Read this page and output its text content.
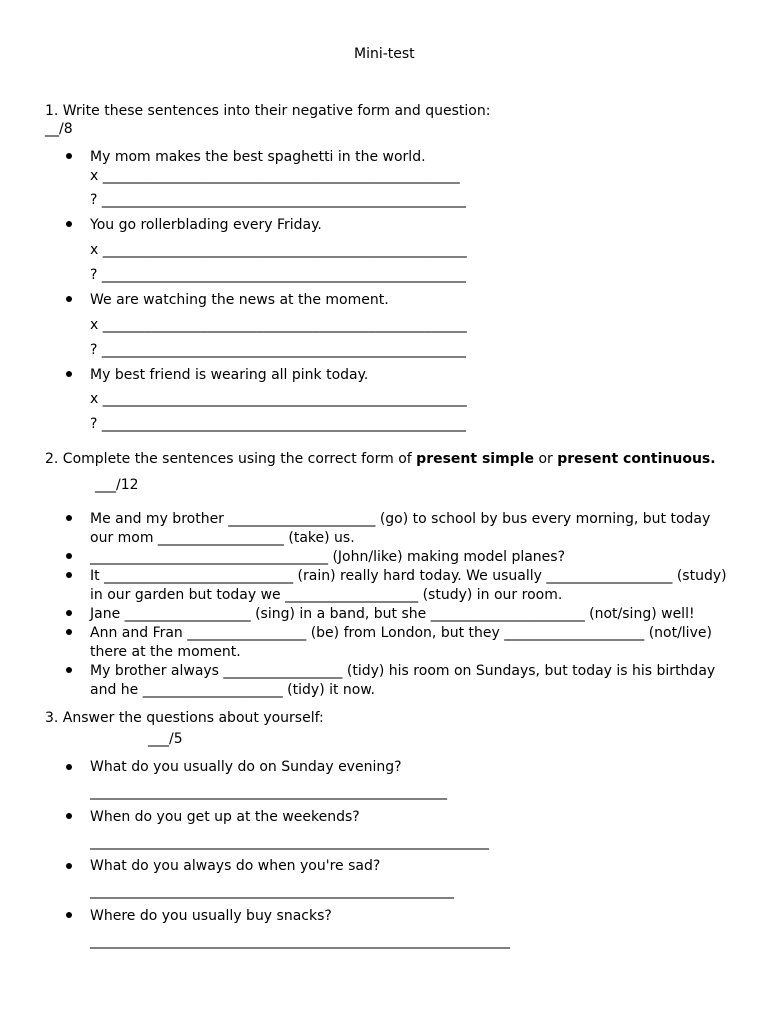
Mini-test
1. Write these sentences into their negative form and question:
__/8
My mom makes the best spaghetti in the world.
x ___________________________________________________
? ____________________________________________________
You go rollerblading every Friday.
x ____________________________________________________
? ____________________________________________________
We are watching the news at the moment.
x ____________________________________________________
? ____________________________________________________
My best friend is wearing all pink today.
x ____________________________________________________
? ____________________________________________________
2. Complete the sentences using the correct form of present simple or present continuous.
___/12
Me and my brother _____________________ (go) to school by bus every morning, but today
our mom __________________ (take) us.
__________________________________ (John/like) making model planes?
It ___________________________ (rain) really hard today. We usually __________________ (study)
in our garden but today we ___________________ (study) in our room.
Jane __________________ (sing) in a band, but she ______________________ (not/sing) well!
Ann and Fran _________________ (be) from London, but they ____________________ (not/live)
there at the moment.
My brother always _________________ (tidy) his room on Sundays, but today is his birthday
and he ____________________ (tidy) it now.
3. Answer the questions about yourself:
___/5
What do you usually do on Sunday evening?
___________________________________________________
When do you get up at the weekends?
_________________________________________________________
What do you always do when you're sad?
____________________________________________________
Where do you usually buy snacks?
____________________________________________________________
